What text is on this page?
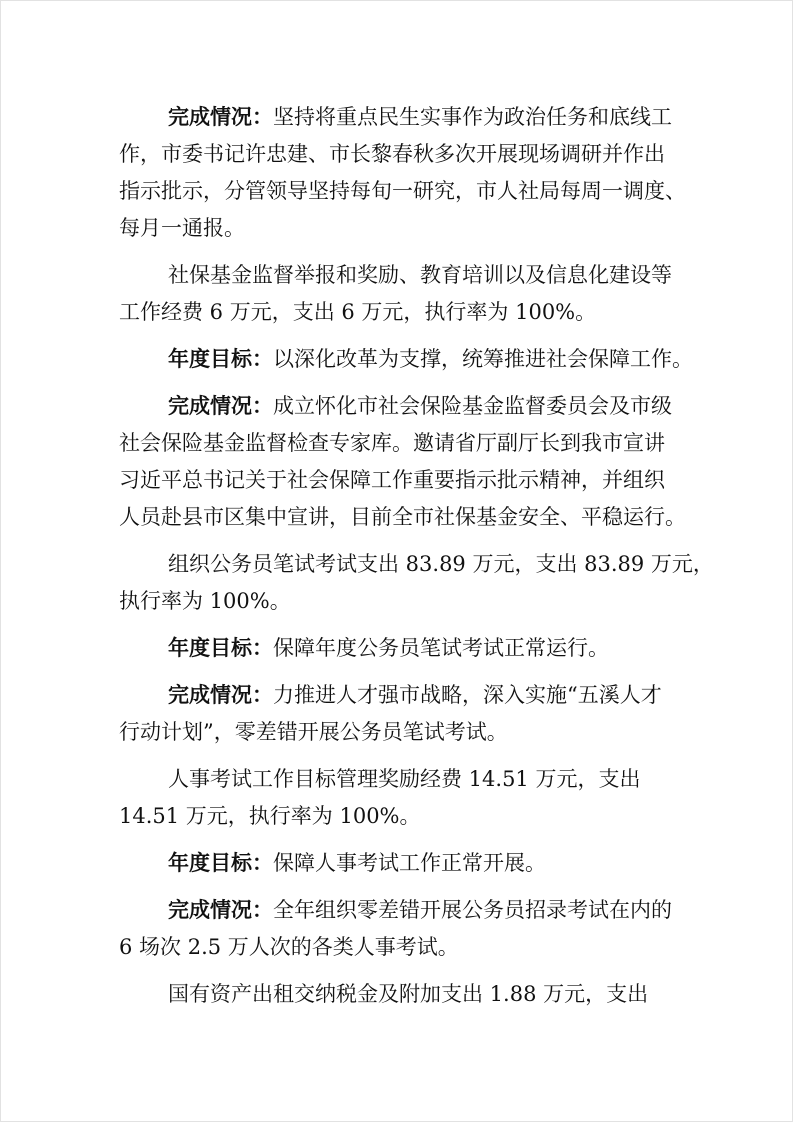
完成情况：坚持将重点民生实事作为政治任务和底线工
作，市委书记许忠建、市长黎春秋多次开展现场调研并作出
指示批示，分管领导坚持每旬一研究，市人社局每周一调度、
每月一通报。
社保基金监督举报和奖励、教育培训以及信息化建设等
工作经费 6 万元，支出 6 万元，执行率为 100%。
年度目标：以深化改革为支撑，统筹推进社会保障工作。
完成情况：成立怀化市社会保险基金监督委员会及市级
社会保险基金监督检查专家库。邀请省厅副厅长到我市宣讲
习近平总书记关于社会保障工作重要指示批示精神，并组织
人员赴县市区集中宣讲，目前全市社保基金安全、平稳运行。
组织公务员笔试考试支出 83.89 万元，支出 83.89 万元，
执行率为 100%。
年度目标：保障年度公务员笔试考试正常运行。
完成情况：力推进人才强市战略，深入实施“五溪人才
行动计划”，零差错开展公务员笔试考试。
人事考试工作目标管理奖励经费 14.51 万元，支出
14.51 万元，执行率为 100%。
年度目标：保障人事考试工作正常开展。
完成情况：全年组织零差错开展公务员招录考试在内的
6 场次 2.5 万人次的各类人事考试。
国有资产出租交纳税金及附加支出 1.88 万元，支出
